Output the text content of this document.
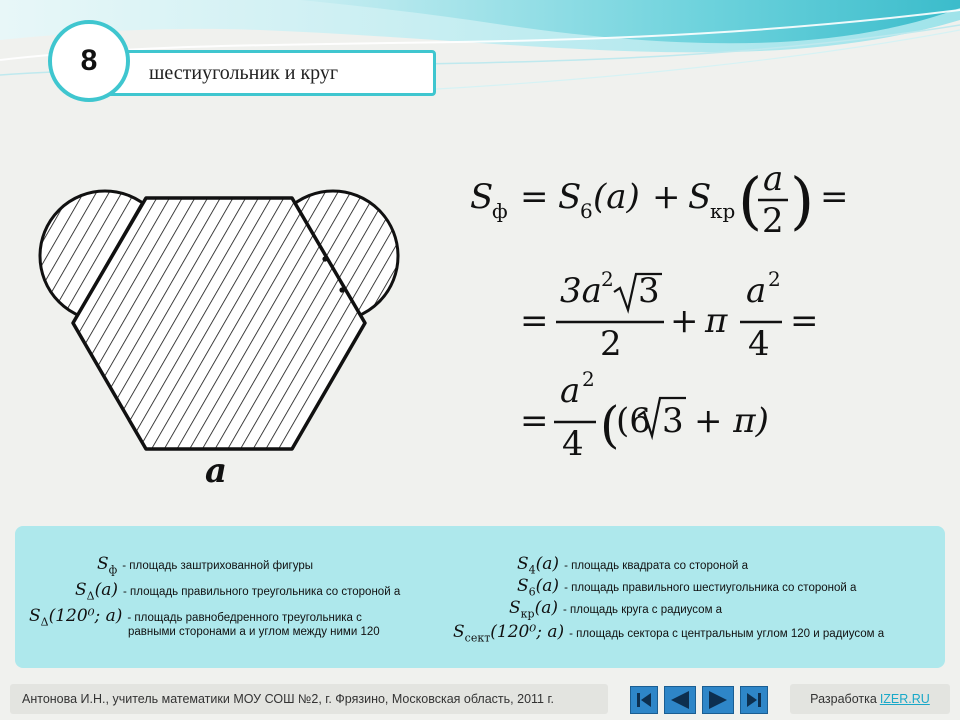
8	шестиугольник и круг
a
S
ф = S
6 (a) + S
кр ( a
2 ) =
=
3a 2 3
2
+ π
a 2
4
=
=
a 2
4 (
(6 3 + π)
$S_ф$ - площадь заштрихованной фигуры
$S_\Delta(a)$ - площадь правильного треугольника со стороной a
$S_\Delta(120^0$; a) - площадь равнобедренного треугольника с
равными сторонами a и углом между ними 120
$S_4(a)$ - площадь квадрата со стороной a
$S_6(a)$ - площадь правильного шестиугольника со стороной a
$S_{кр}(a)$ - площадь круга с радиусом a
$S_{сект}(120^0$; a) - площадь сектора с центральным углом 120 и радиусом a
Антонова И.Н., учитель математики МОУ СОШ №2, г. Фрязино, Московская область, 2011 г.	Разработка IZER.RU
